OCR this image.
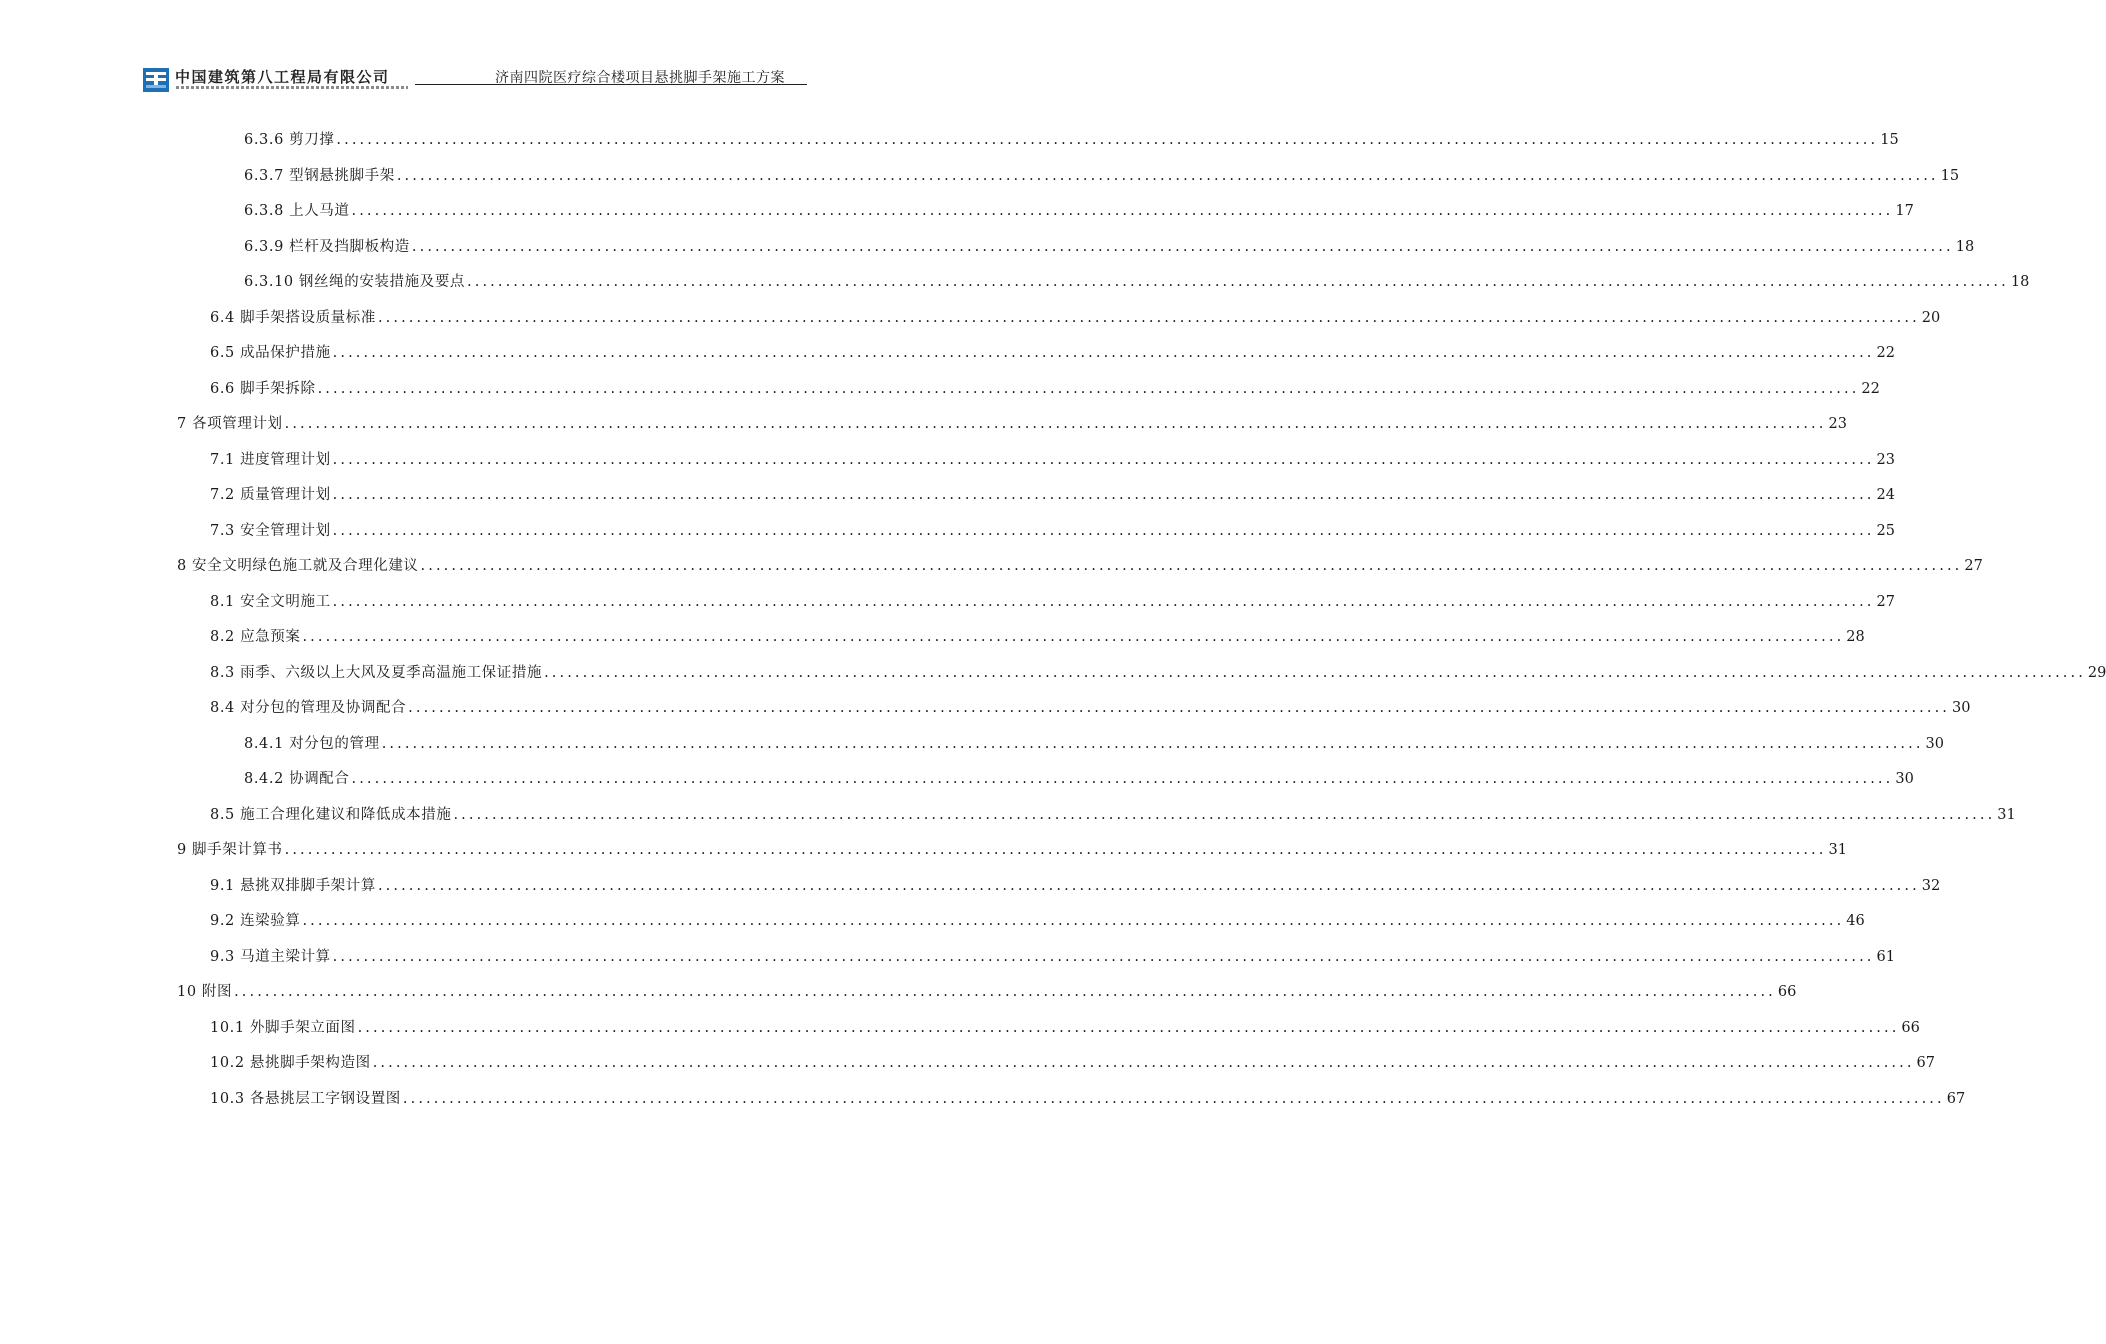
中国建筑第八工程局有限公司	济南四院医疗综合楼项目悬挑脚手架施工方案
6.3.6 剪刀撑 ........................................................................................................................................................................................................ 15
6.3.7 型钢悬挑脚手架 ........................................................................................................................................................................................................ 15
6.3.8 上人马道 ........................................................................................................................................................................................................ 17
6.3.9 栏杆及挡脚板构造 ........................................................................................................................................................................................................ 18
6.3.10 钢丝绳的安装措施及要点 ........................................................................................................................................................................................................ 18
6.4 脚手架搭设质量标准 ........................................................................................................................................................................................................ 20
6.5 成品保护措施 ........................................................................................................................................................................................................ 22
6.6 脚手架拆除 ........................................................................................................................................................................................................ 22
7 各项管理计划 ........................................................................................................................................................................................................ 23
7.1 进度管理计划 ........................................................................................................................................................................................................ 23
7.2 质量管理计划 ........................................................................................................................................................................................................ 24
7.3 安全管理计划 ........................................................................................................................................................................................................ 25
8 安全文明绿色施工就及合理化建议 ........................................................................................................................................................................................................ 27
8.1 安全文明施工 ........................................................................................................................................................................................................ 27
8.2 应急预案 ........................................................................................................................................................................................................ 28
8.3 雨季、六级以上大风及夏季高温施工保证措施 ........................................................................................................................................................................................................ 29
8.4 对分包的管理及协调配合 ........................................................................................................................................................................................................ 30
8.4.1 对分包的管理 ........................................................................................................................................................................................................ 30
8.4.2 协调配合 ........................................................................................................................................................................................................ 30
8.5 施工合理化建议和降低成本措施 ........................................................................................................................................................................................................ 31
9 脚手架计算书 ........................................................................................................................................................................................................ 31
9.1 悬挑双排脚手架计算 ........................................................................................................................................................................................................ 32
9.2 连梁验算 ........................................................................................................................................................................................................ 46
9.3 马道主梁计算 ........................................................................................................................................................................................................ 61
10 附图 ........................................................................................................................................................................................................ 66
10.1 外脚手架立面图 ........................................................................................................................................................................................................ 66
10.2 悬挑脚手架构造图 ........................................................................................................................................................................................................ 67
10.3 各悬挑层工字钢设置图 ........................................................................................................................................................................................................ 67
